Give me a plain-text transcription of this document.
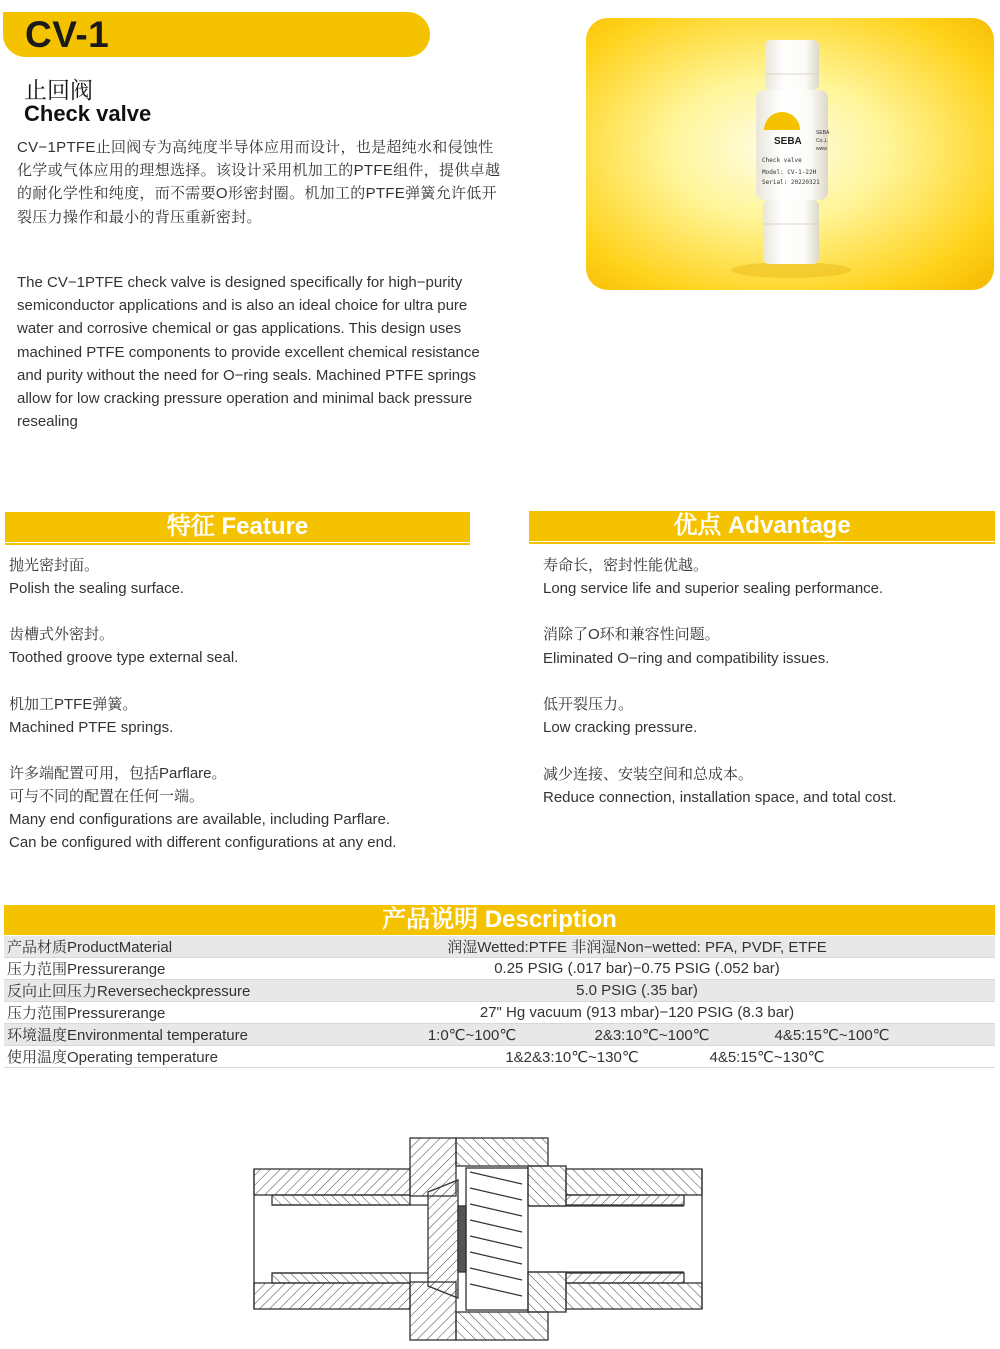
CV-1
止回阀
Check valve
CV−1PTFE止回阀专为高纯度半导体应用而设计，也是超纯水和侵蚀性化学或气体应用的理想选择。该设计采用机加工的PTFE组件，提供卓越的耐化学性和纯度，而不需要O形密封圈。机加工的PTFE弹簧允许低开裂压力操作和最小的背压重新密封。
The CV−1PTFE check valve is designed specifically for high−purity semiconductor applications and is also an ideal choice for ultra pure water and corrosive chemical or gas applications. This design uses machined PTFE components to provide excellent chemical resistance and purity without the need for O−ring seals. Machined PTFE springs allow for low cracking pressure operation and minimal back pressure resealing
SEBA
Check valve
Model: CV-1-22H
Serial: 20220321
SEBA
Co.,L
www.
特征 Feature
抛光密封面。
Polish the sealing surface.
齿槽式外密封。
Toothed groove type external seal.
机加工PTFE弹簧。
Machined PTFE springs.
许多端配置可用，包括Parflare。
可与不同的配置在任何一端。
Many end configurations are available, including Parflare.
Can be configured with different configurations at any end.
优点 Advantage
寿命长，密封性能优越。
Long service life and superior sealing performance.
消除了O环和兼容性问题。
Eliminated O−ring and compatibility issues.
低开裂压力。
Low cracking pressure.
减少连接、安装空间和总成本。
Reduce connection, installation space, and total cost.
产品说明 Description
产品材质ProductMaterial	润湿Wetted:PTFE 非润湿Non−wetted: PFA, PVDF, ETFE
压力范围Pressurerange	0.25 PSIG (.017 bar)−0.75 PSIG (.052 bar)
反向止回压力Reversecheckpressure	5.0 PSIG (.35 bar)
压力范围Pressurerange	27" Hg vacuum (913 mbar)−120 PSIG (8.3 bar)
环境温度Environmental temperature	1:0℃~100℃ 2&3:10℃~100℃ 4&5:15℃~100℃
使用温度Operating temperature	1&2&3:10℃~130℃ 4&5:15℃~130℃
